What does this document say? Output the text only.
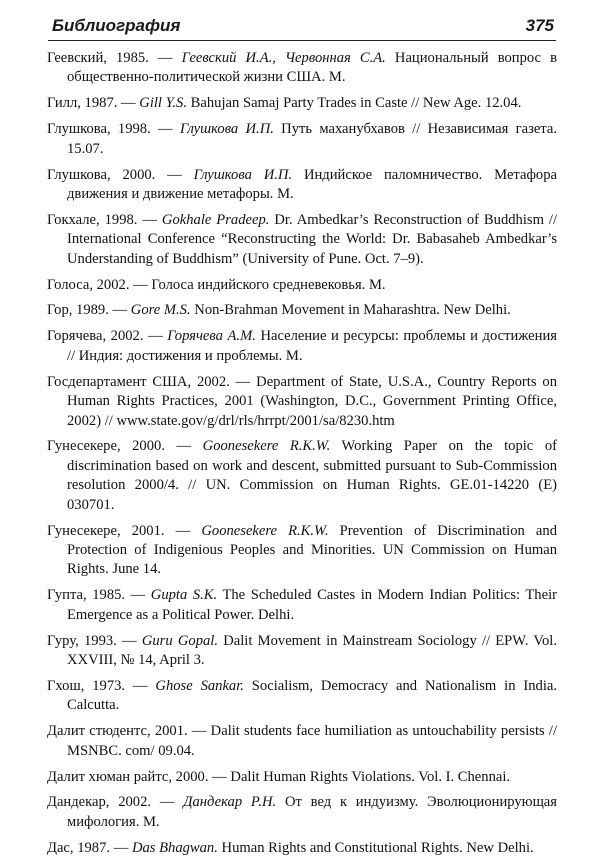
Библиография	375
Геевский, 1985. — Геевский И.А., Червонная С.А. Национальный вопрос в общественно-политической жизни США. М.
Гилл, 1987. — Gill Y.S. Bahujan Samaj Party Trades in Caste // New Age. 12.04.
Глушкова, 1998. — Глушкова И.П. Путь маханубхавов // Независимая газета. 15.07.
Глушкова, 2000. — Глушкова И.П. Индийское паломничество. Метафора движения и движение метафоры. М.
Гокхале, 1998. — Gokhale Pradeep. Dr. Ambedkar’s Reconstruction of Buddhism // International Conference “Reconstructing the World: Dr. Babasaheb Ambedkar’s Understanding of Buddhism” (University of Pune. Oct. 7–9).
Голоса, 2002. — Голоса индийского средневековья. М.
Гор, 1989. — Gore M.S. Non-Brahman Movement in Maharashtra. New Delhi.
Горячева, 2002. — Горячева А.М. Население и ресурсы: проблемы и достижения // Индия: достижения и проблемы. М.
Госдепартамент США, 2002. — Department of State, U.S.A., Country Reports on Human Rights Practices, 2001 (Washington, D.C., Government Printing Office, 2002) // www.state.gov/g/drl/rls/hrrpt/2001/sa/8230.htm
Гунесекере, 2000. — Goonesekere R.K.W. Working Paper on the topic of discrimination based on work and descent, submitted pursuant to Sub-Commission resolution 2000/4. // UN. Commission on Human Rights. GE.01-14220 (E) 030701.
Гунесекере, 2001. — Goonesekere R.K.W. Prevention of Discrimination and Protection of Indigenious Peoples and Minorities. UN Commission on Human Rights. June 14.
Гупта, 1985. — Gupta S.K. The Scheduled Castes in Modern Indian Politics: Their Emergence as a Political Power. Delhi.
Гуру, 1993. — Guru Gopal. Dalit Movement in Mainstream Sociology // EPW. Vol. XXVIII, № 14, April 3.
Гхош, 1973. — Ghose Sankar. Socialism, Democracy and Nationalism in India. Calcutta.
Далит стюдентс, 2001. — Dalit students face humiliation as untouchability persists // MSNBC. com/ 09.04.
Далит хюман райтс, 2000. — Dalit Human Rights Violations. Vol. I. Chennai.
Дандекар, 2002. — Дандекар Р.Н. От вед к индуизму. Эволюционирующая мифология. М.
Дас, 1987. — Das Bhagwan. Human Rights and Constitutional Rights. New Delhi.
